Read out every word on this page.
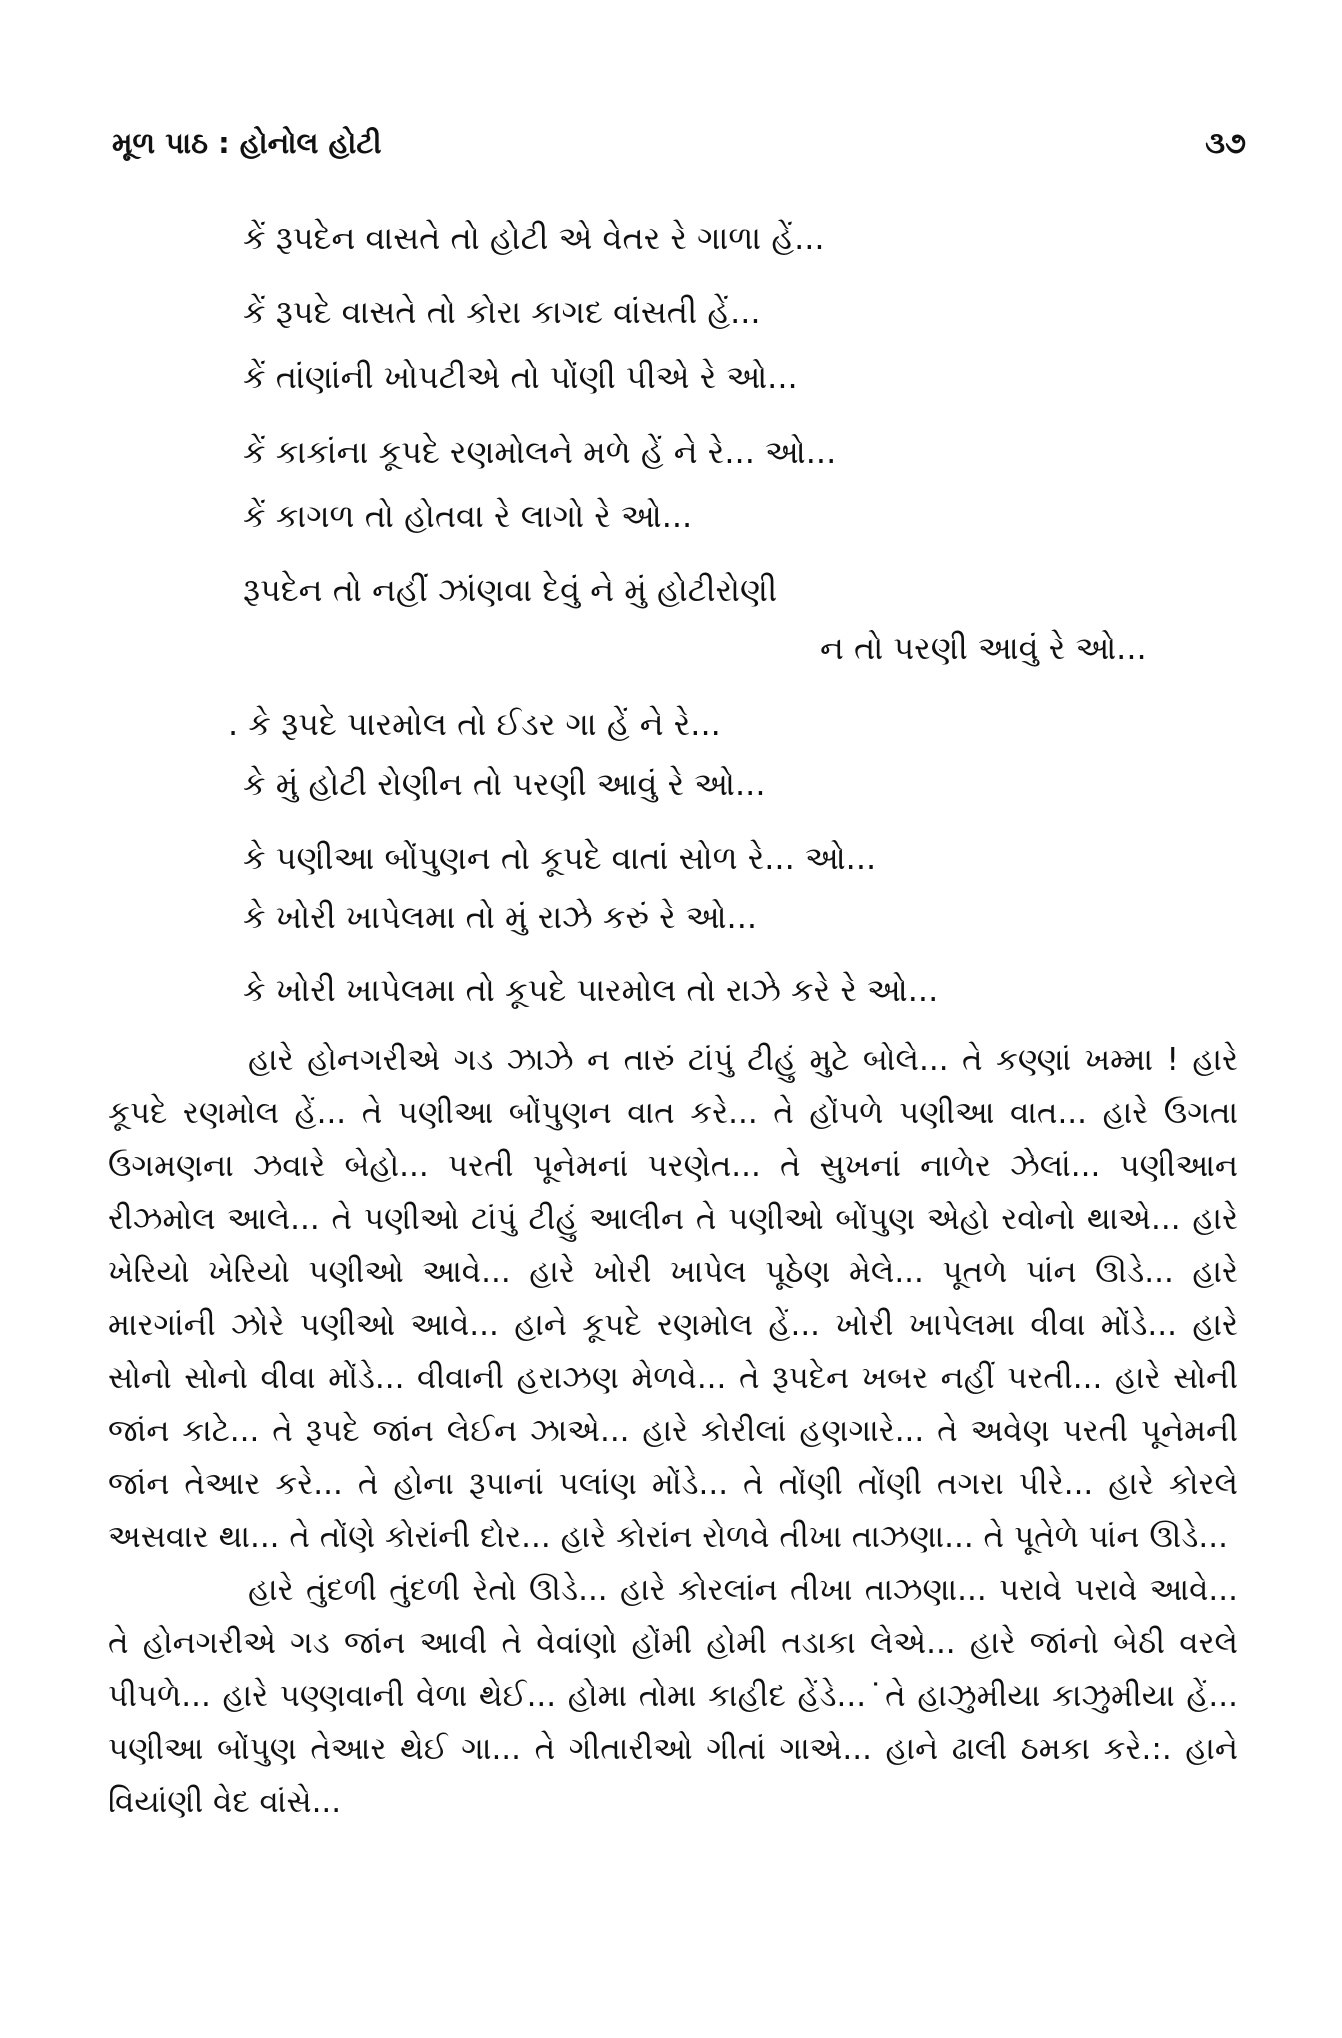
મૂળ પાઠ : હોનોલ હોટી	૩૭
કેં રૂપદેન વાસતે તો હોટી એ વેતર રે ગાળા હેં...
કેં રૂપદે વાસતે તો કોરા કાગદ વાંસતી હેં...
કેં તાંણાંની ખોપટીએ તો પોંણી પીએ રે ઓ...
કેં કાકાંના કૂપદે રણમોલને મળે હેં ને રે... ઓ...
કેં કાગળ તો હોતવા રે લાગો રે ઓ...
રૂપદેન તો નહીં ઝાંણવા દેવું ને મું હોટીરોણી
ન તો પરણી આવું રે ઓ...
. કે રૂપદે પારમોલ તો ઈડર ગા હેં ને રે...
કે મું હોટી રોણીન તો પરણી આવું રે ઓ...
કે પણીઆ બોંપુણન તો કૂપદે વાતાં સોળ રે... ઓ...
કે ખોરી ખાપેલમા તો મું રાઝે કરું રે ઓ...
કે ખોરી ખાપેલમા તો કૂપદે પારમોલ તો રાઝે કરે રે ઓ...

હારે હોનગરીએ ગડ ઝાઝે ન તારું ટાંપું ટીહું મુટે બોલે... તે કણ્ણાં ખમ્મા ! હારે કૂપદે રણમોલ હેં... તે પણીઆ બોંપુણન વાત કરે... તે હોંપળે પણીઆ વાત... હારે ઉગતા ઉગમણના ઝવારે બેહો... પરતી પૂનેમનાં પરણેત... તે સુખનાં નાળેર ઝેલાં... પણીઆન રીઝમોલ આલે... તે પણીઓ ટાંપું ટીહું આલીન તે પણીઓ બોંપુણ એહો રવોનો થાએ... હારે ખેરિયો ખેરિયો પણીઓ આવે... હારે ખોરી ખાપેલ પૂઠેણ મેલે... પૂતળે પાંન ઊડે... હારે મારગાંની ઝોરે પણીઓ આવે... હાને કૂપદે રણમોલ હેં... ખોરી ખાપેલમા વીવા મોંડે... હારે સોનો સોનો વીવા મોંડે... વીવાની હરાઝણ મેળવે... તે રૂપદેન ખબર નહીં પરતી... હારે સોની જાંન કાટે... તે રૂપદે જાંન લેઈન ઝાએ... હારે કોરીલાં હણગારે... તે અવેણ પરતી પૂનેમની જાંન તેઆર કરે... તે હોના રૂપાનાં પલાંણ મોંડે... તે તોંણી તોંણી તગરા પીરે... હારે કોરલે અસવાર થા... તે તોંણે કોરાંની દોર... હારે કોરાંન રોળવે તીખા તાઝણા... તે પૂતેળે પાંન ઊડે...

હારે તુંદળી તુંદળી રેતો ઊડે... હારે કોરલાંન તીખા તાઝણા... પરાવે પરાવે આવે... તે હોનગરીએ ગડ જાંન આવી તે વેવાંણો હોંમી હોમી તડાકા લેએ... હારે જાંનો બેઠી વરલે પીપળે... હારે પણ્ણવાની વેળા થેઈ... હોમા તોમા કાહીદ હેંડે...˙તે હાઝુમીયા કાઝુમીયા હેં... પણીઆ બોંપુણ તેઆર થેઈ ગા... તે ગીતારીઓ ગીતાં ગાએ... હાને ઢાલી ઠમકા કરે.:. હાને વિયાંણી વેદ વાંસે...
